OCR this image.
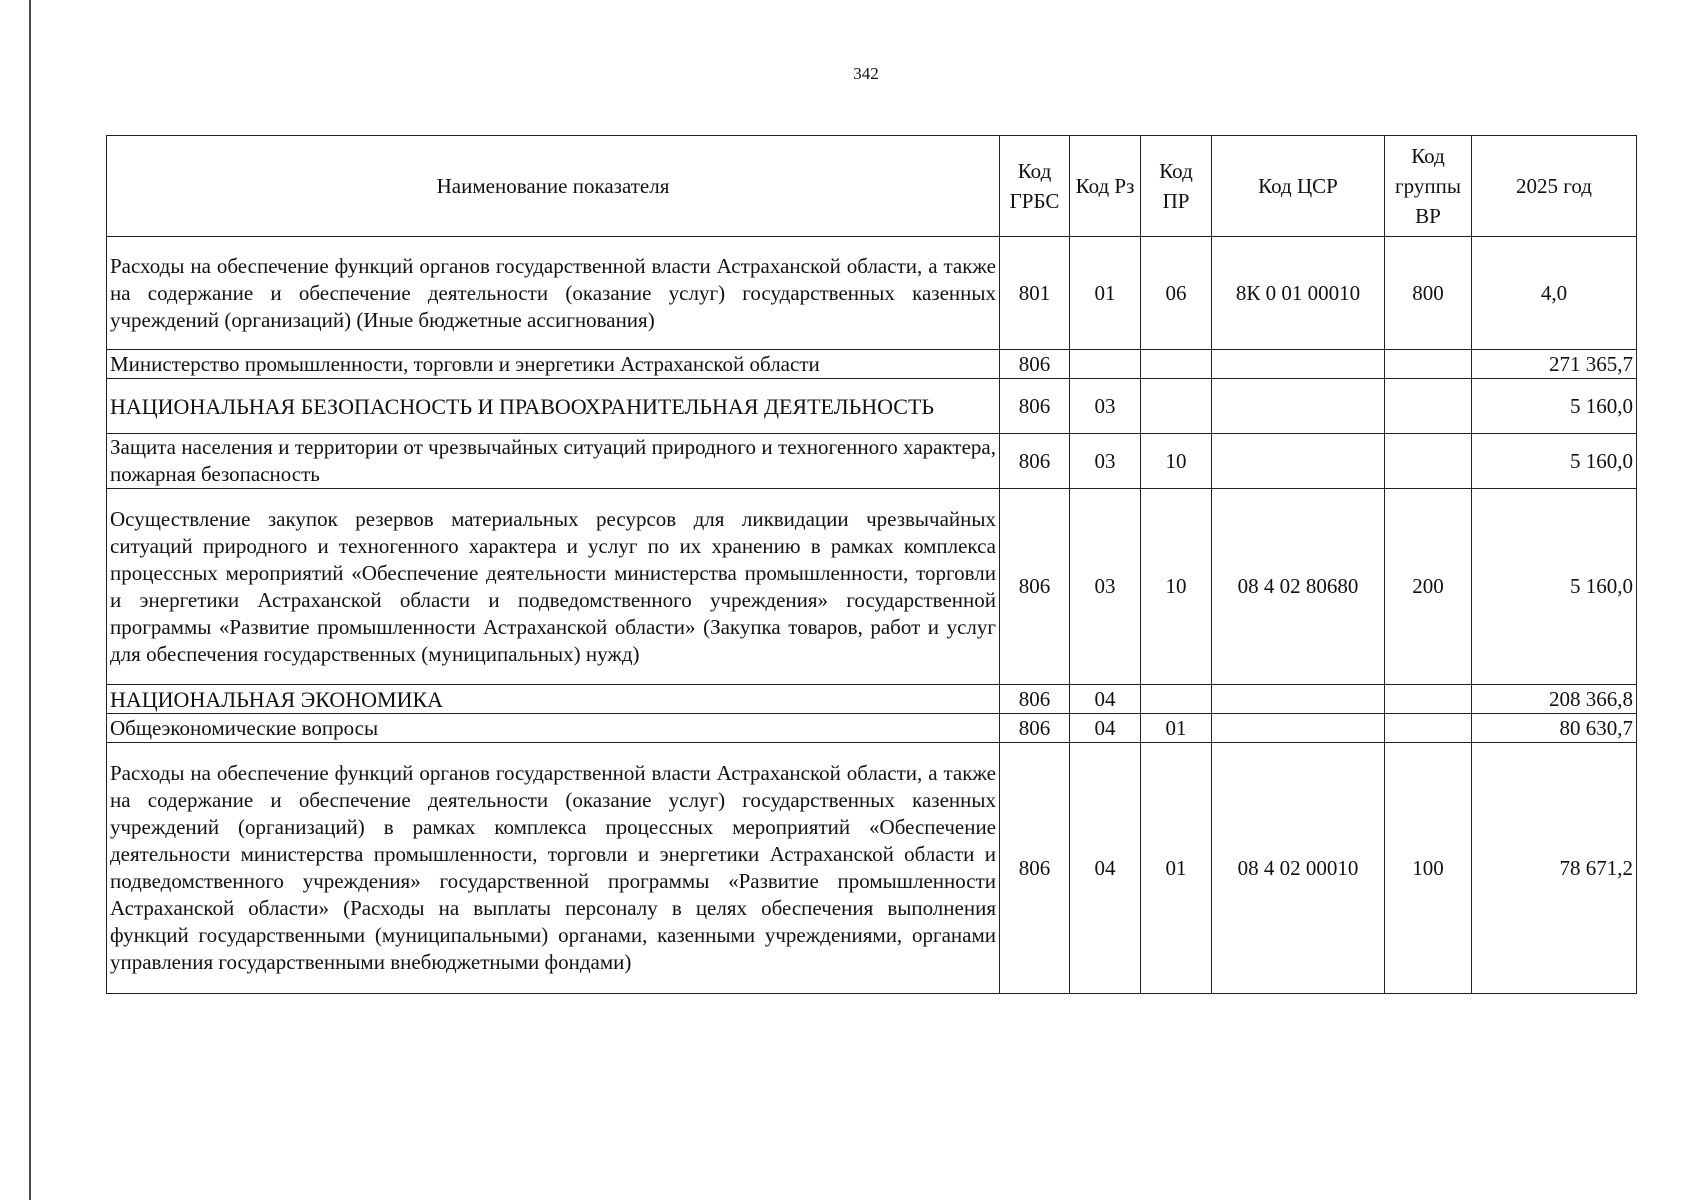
342
Наименование показателя	Код ГРБС	Код Рз	Код ПР	Код ЦСР	Код группы ВР	2025 год
Расходы на обеспечение функций органов государственной власти Астраханской области, а также на содержание и обеспечение деятельности (оказание услуг) государственных казенных учреждений (организаций) (Иные бюджетные ассигнования)	801	01	06	8К 0 01 00010	800	4,0
Министерство промышленности, торговли и энергетики Астраханской области	806					271 365,7
НАЦИОНАЛЬНАЯ БЕЗОПАСНОСТЬ И ПРАВООХРАНИТЕЛЬНАЯ ДЕЯТЕЛЬНОСТЬ	806	03				5 160,0
Защита населения и территории от чрезвычайных ситуаций природного и техногенного характера, пожарная безопасность	806	03	10			5 160,0
Осуществление закупок резервов материальных ресурсов для ликвидации чрезвычайных ситуаций природного и техногенного характера и услуг по их хранению в рамках комплекса процессных мероприятий «Обеспечение деятельности министерства промышленности, торговли и энергетики Астраханской области и подведомственного учреждения» государственной программы «Развитие промышленности Астраханской области» (Закупка товаров, работ и услуг для обеспечения государственных (муниципальных) нужд)	806	03	10	08 4 02 80680	200	5 160,0
НАЦИОНАЛЬНАЯ ЭКОНОМИКА	806	04				208 366,8
Общеэкономические вопросы	806	04	01			80 630,7
Расходы на обеспечение функций органов государственной власти Астраханской области, а также на содержание и обеспечение деятельности (оказание услуг) государственных казенных учреждений (организаций) в рамках комплекса процессных мероприятий «Обеспечение деятельности министерства промышленности, торговли и энергетики Астраханской области и подведомственного учреждения» государственной программы «Развитие промышленности Астраханской области» (Расходы на выплаты персоналу в целях обеспечения выполнения функций государственными (муниципальными) органами, казенными учреждениями, органами управления государственными внебюджетными фондами)	806	04	01	08 4 02 00010	100	78 671,2
